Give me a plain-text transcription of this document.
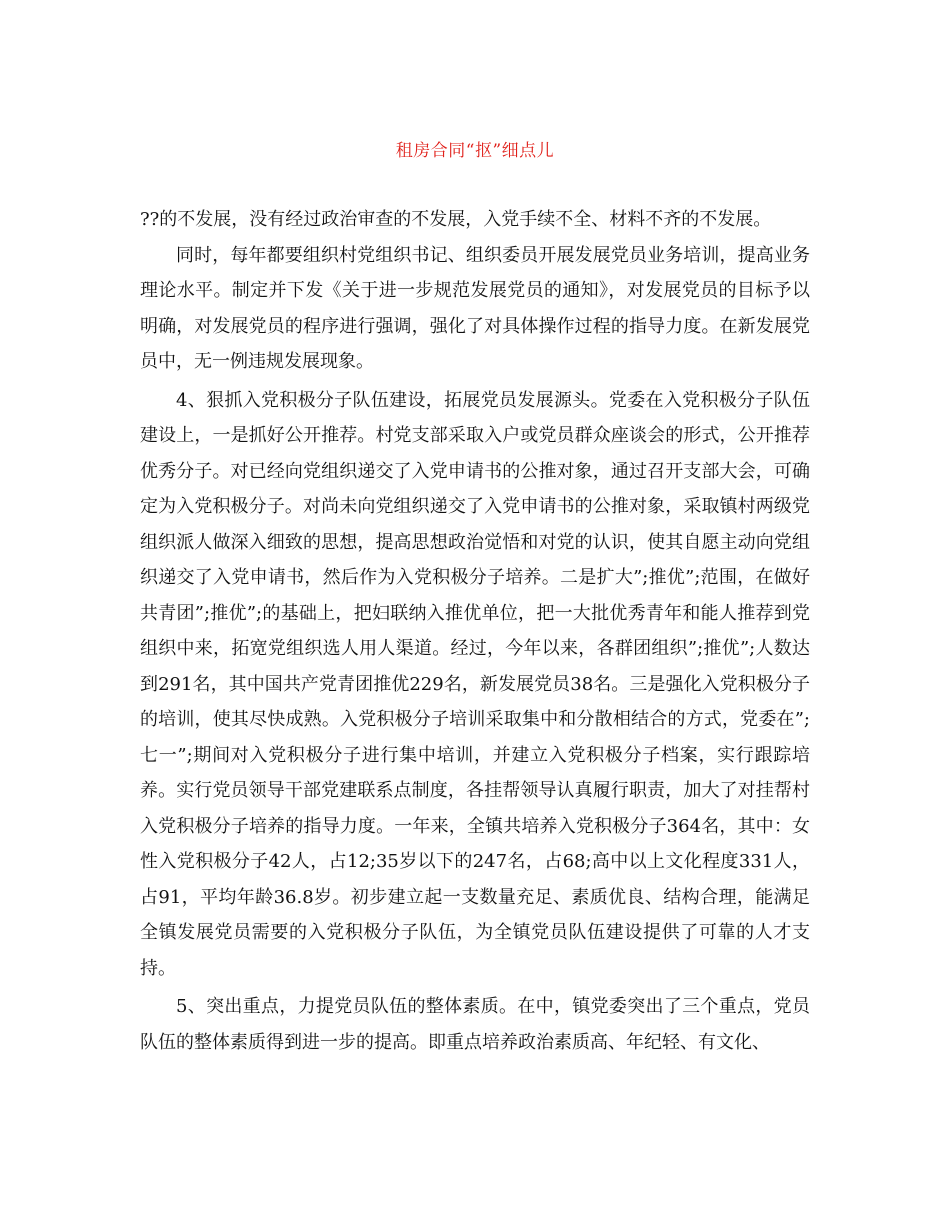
租房合同“抠”细点儿

??的不发展，没有经过政治审查的不发展，入党手续不全、材料不齐的不发展。

同时，每年都要组织村党组织书记、组织委员开展发展党员业务培训，提高业务理论水平。制定并下发《关于进一步规范发展党员的通知》，对发展党员的目标予以明确，对发展党员的程序进行强调，强化了对具体操作过程的指导力度。在新发展党员中，无一例违规发展现象。

4、狠抓入党积极分子队伍建设，拓展党员发展源头。党委在入党积极分子队伍建设上，一是抓好公开推荐。村党支部采取入户或党员群众座谈会的形式，公开推荐优秀分子。对已经向党组织递交了入党申请书的公推对象，通过召开支部大会，可确定为入党积极分子。对尚未向党组织递交了入党申请书的公推对象，采取镇村两级党组织派人做深入细致的思想，提高思想政治觉悟和对党的认识，使其自愿主动向党组织递交了入党申请书，然后作为入党积极分子培养。二是扩大”;推优”;范围，在做好共青团”;推优”;的基础上，把妇联纳入推优单位，把一大批优秀青年和能人推荐到党组织中来，拓宽党组织选人用人渠道。经过，今年以来，各群团组织”;推优”;人数达到291名，其中国共产党青团推优229名，新发展党员38名。三是强化入党积极分子的培训，使其尽快成熟。入党积极分子培训采取集中和分散相结合的方式，党委在”;七一”;期间对入党积极分子进行集中培训，并建立入党积极分子档案，实行跟踪培养。实行党员领导干部党建联系点制度，各挂帮领导认真履行职责，加大了对挂帮村入党积极分子培养的指导力度。一年来，全镇共培养入党积极分子364名，其中：女性入党积极分子42人，占12;35岁以下的247名，占68;高中以上文化程度331人，占91，平均年龄36.8岁。初步建立起一支数量充足、素质优良、结构合理，能满足全镇发展党员需要的入党积极分子队伍，为全镇党员队伍建设提供了可靠的人才支持。

5、突出重点，力提党员队伍的整体素质。在中，镇党委突出了三个重点，党员队伍的整体素质得到进一步的提高。即重点培养政治素质高、年纪轻、有文化、
